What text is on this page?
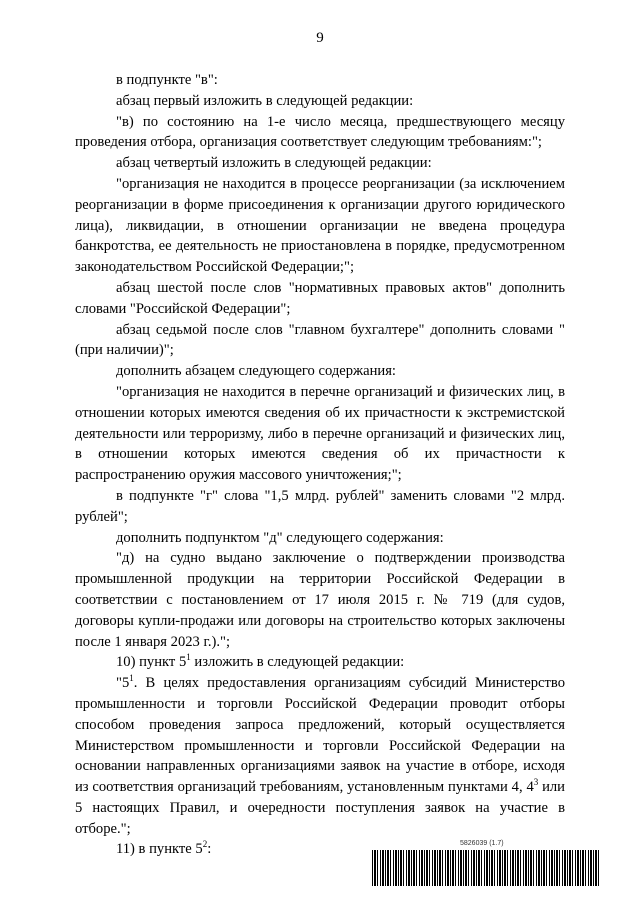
9

в подпункте "в":

абзац первый изложить в следующей редакции:

"в) по состоянию на 1-е число месяца, предшествующего месяцу проведения отбора, организация соответствует следующим требованиям:";

абзац четвертый изложить в следующей редакции:

"организация не находится в процессе реорганизации (за исключением реорганизации в форме присоединения к организации другого юридического лица), ликвидации, в отношении организации не введена процедура банкротства, ее деятельность не приостановлена в порядке, предусмотренном законодательством Российской Федерации;";

абзац шестой после слов "нормативных правовых актов" дополнить словами "Российской Федерации";

абзац седьмой после слов "главном бухгалтере" дополнить словами "(при наличии)";

дополнить абзацем следующего содержания:

"организация не находится в перечне организаций и физических лиц, в отношении которых имеются сведения об их причастности к экстремистской деятельности или терроризму, либо в перечне организаций и физических лиц, в отношении которых имеются сведения об их причастности к распространению оружия массового уничтожения;";

в подпункте "г" слова "1,5 млрд. рублей" заменить словами "2 млрд. рублей";

дополнить подпунктом "д" следующего содержания:

"д) на судно выдано заключение о подтверждении производства промышленной продукции на территории Российской Федерации в соответствии с постановлением от 17 июля 2015 г. № 719 (для судов, договоры купли-продажи или договоры на строительство которых заключены после 1 января 2023 г.).";

10) пункт $5^1$ изложить в следующей редакции:

"$5^1$. В целях предоставления организациям субсидий Министерство промышленности и торговли Российской Федерации проводит отборы способом проведения запроса предложений, который осуществляется Министерством промышленности и торговли Российской Федерации на основании направленных организациями заявок на участие в отборе, исходя из соответствия организаций требованиям, установленным пунктами 4, $4^3$ или 5 настоящих Правил, и очередности поступления заявок на участие в отборе.";

11) в пункте $5^2$:	5826039 (1.7)
